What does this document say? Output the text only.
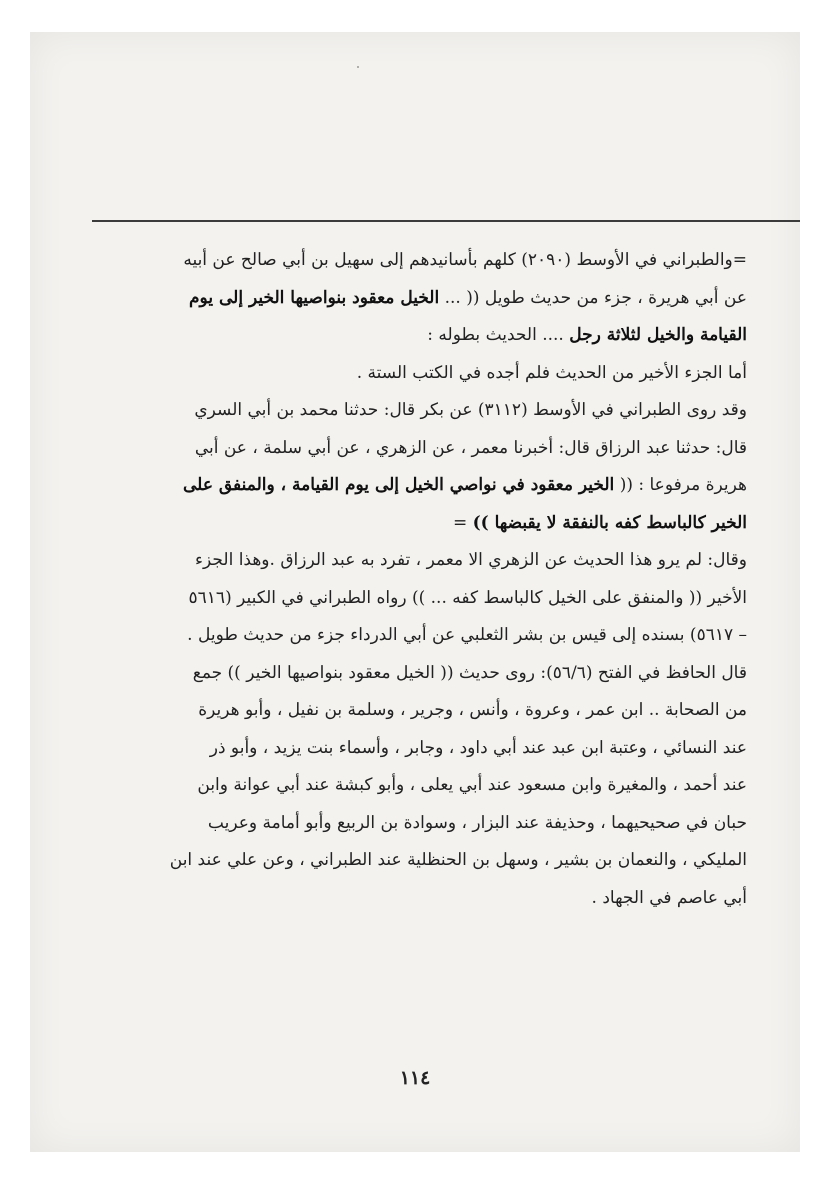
=والطبراني في الأوسط (٢٠٩٠) كلهم بأسانيدهم إلى سهيل بن أبي صالح عن أبيه
عن أبي هريرة ، جزء من حديث طويل (( ... الخيل معقود بنواصيها الخير إلى يوم
القيامة والخيل لثلاثة رجل .... الحديث بطوله :
أما الجزء الأخير من الحديث فلم أجده في الكتب الستة .
وقد روى الطبراني في الأوسط (٣١١٢) عن بكر قال: حدثنا محمد بن أبي السري
قال: حدثنا عبد الرزاق قال: أخبرنا معمر ، عن الزهري ، عن أبي سلمة ، عن أبي
هريرة مرفوعا : (( الخير معقود في نواصي الخيل إلى يوم القيامة ، والمنفق على
الخير كالباسط كفه بالنفقة لا يقبضها )) =
وقال: لم يرو هذا الحديث عن الزهري الا معمر ، تفرد به عبد الرزاق .وهذا الجزء
الأخير (( والمنفق على الخيل كالباسط كفه ... )) رواه الطبراني في الكبير (٥٦١٦
– ٥٦١٧) بسنده إلى قيس بن بشر الثعلبي عن أبي الدرداء جزء من حديث طويل .
قال الحافظ في الفتح (٥٦/٦): روى حديث (( الخيل معقود بنواصيها الخير )) جمع
من الصحابة .. ابن عمر ، وعروة ، وأنس ، وجرير ، وسلمة بن نفيل ، وأبو هريرة
عند النسائي ، وعتبة ابن عبد عند أبي داود ، وجابر ، وأسماء بنت يزيد ، وأبو ذر
عند أحمد ، والمغيرة وابن مسعود عند أبي يعلى ، وأبو كبشة عند أبي عوانة وابن
حبان في صحيحيهما ، وحذيفة عند البزار ، وسوادة بن الربيع وأبو أمامة وعريب
المليكي ، والنعمان بن بشير ، وسهل بن الحنظلية عند الطبراني ، وعن علي عند ابن
أبي عاصم في الجهاد .
١١٤
